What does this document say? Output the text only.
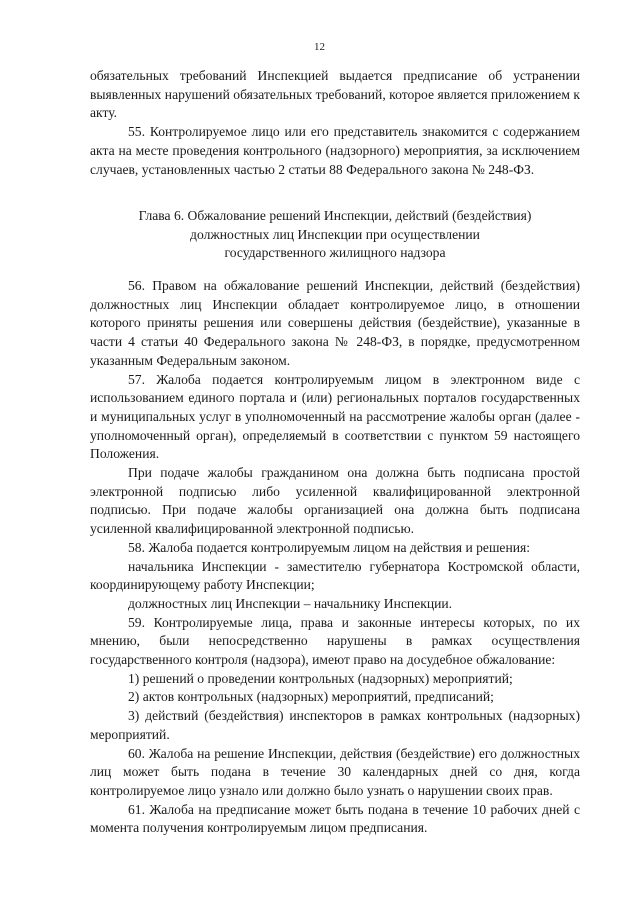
12

обязательных требований Инспекцией выдается предписание об устранении выявленных нарушений обязательных требований, которое является приложением к акту.

55. Контролируемое лицо или его представитель знакомится с содержанием акта на месте проведения контрольного (надзорного) мероприятия, за исключением случаев, установленных частью 2 статьи 88 Федерального закона № 248-ФЗ.

Глава 6. Обжалование решений Инспекции, действий (бездействия)
должностных лиц Инспекции при осуществлении
государственного жилищного надзора

56. Правом на обжалование решений Инспекции, действий (бездействия) должностных лиц Инспекции обладает контролируемое лицо, в отношении которого приняты решения или совершены действия (бездействие), указанные в части 4 статьи 40 Федерального закона № 248-ФЗ, в порядке, предусмотренном указанным Федеральным законом.

57. Жалоба подается контролируемым лицом в электронном виде с использованием единого портала и (или) региональных порталов государственных и муниципальных услуг в уполномоченный на рассмотрение жалобы орган (далее - уполномоченный орган), определяемый в соответствии с пунктом 59 настоящего Положения.

При подаче жалобы гражданином она должна быть подписана простой электронной подписью либо усиленной квалифицированной электронной подписью. При подаче жалобы организацией она должна быть подписана усиленной квалифицированной электронной подписью.

58. Жалоба подается контролируемым лицом на действия и решения:

начальника Инспекции - заместителю губернатора Костромской области, координирующему работу Инспекции;

должностных лиц Инспекции – начальнику Инспекции.

59. Контролируемые лица, права и законные интересы которых, по их мнению, были непосредственно нарушены в рамках осуществления государственного контроля (надзора), имеют право на досудебное обжалование:

1) решений о проведении контрольных (надзорных) мероприятий;

2) актов контрольных (надзорных) мероприятий, предписаний;

3) действий (бездействия) инспекторов в рамках контрольных (надзорных) мероприятий.

60. Жалоба на решение Инспекции, действия (бездействие) его должностных лиц может быть подана в течение 30 календарных дней со дня, когда контролируемое лицо узнало или должно было узнать о нарушении своих прав.

61. Жалоба на предписание может быть подана в течение 10 рабочих дней с момента получения контролируемым лицом предписания.
